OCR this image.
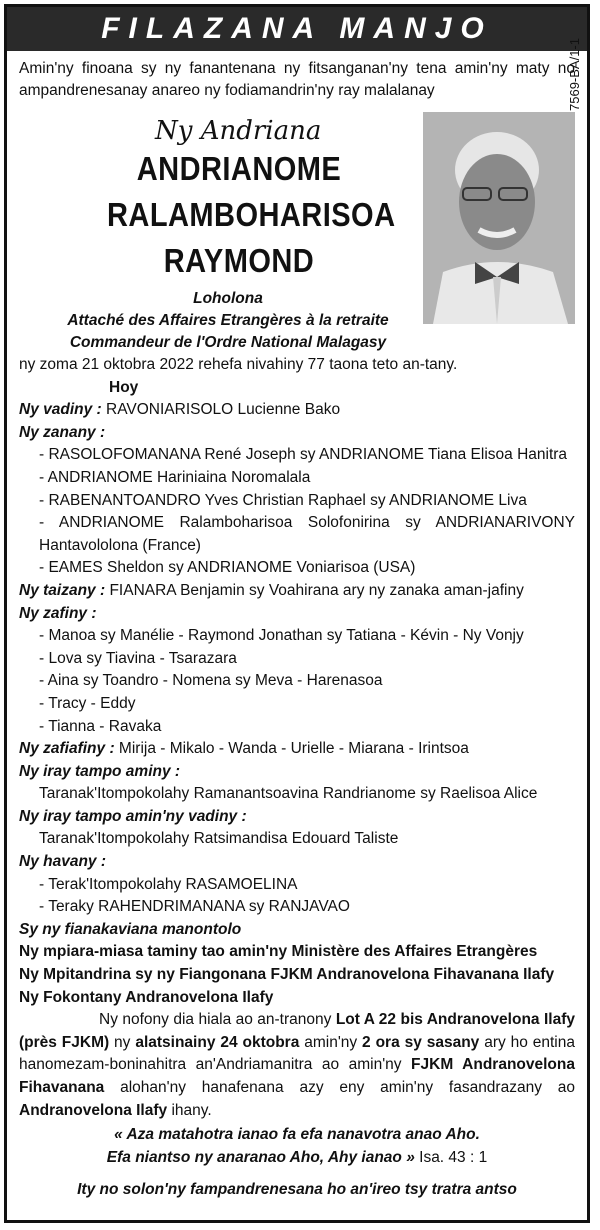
FILAZANA MANJO
Amin'ny finoana sy ny fanantenana ny fitsanganan'ny tena amin'ny maty no ampandrenesanay anareo ny fodiamandrin'ny ray malalanay
Ny Andriana
ANDRIANOME
RALAMBOHARISOA
RAYMOND
Loholona
Attaché des Affaires Etrangères à la retraite
Commandeur de l'Ordre National Malagasy
ny zoma 21 oktobra 2022 rehefa nivahiny 77 taona teto an-tany.
Hoy
Ny vadiny : RAVONIARISOLO Lucienne Bako
Ny zanany :
- RASOLOFOMANANA René Joseph sy ANDRIANOME Tiana Elisoa Hanitra
- ANDRIANOME Hariniaina Noromalala
- RABENANTOANDRO Yves Christian Raphael sy ANDRIANOME Liva
- ANDRIANOME Ralamboharisoa Solofonirina sy ANDRIANARIVONY Hantavololona (France)
- EAMES Sheldon sy ANDRIANOME Voniarisoa (USA)
Ny taizany : FIANARA Benjamin sy Voahirana ary ny zanaka aman-jafiny
Ny zafiny :
- Manoa sy Manélie - Raymond Jonathan sy Tatiana - Kévin - Ny Vonjy
- Lova sy Tiavina - Tsarazara
- Aina sy Toandro - Nomena sy Meva - Harenasoa
- Tracy - Eddy
- Tianna - Ravaka
Ny zafiafiny : Mirija - Mikalo - Wanda - Urielle - Miarana - Irintsoa
Ny iray tampo aminy :
Taranak'Itompokolahy Ramanantsoavina Randrianome sy Raelisoa Alice
Ny iray tampo amin'ny vadiny :
Taranak'Itompokolahy Ratsimandisa Edouard Taliste
Ny havany :
- Terak'Itompokolahy RASAMOELINA
- Teraky RAHENDRIMANANA sy RANJAVAO
Sy ny fianakaviana manontolo
Ny mpiara-miasa taminy tao amin'ny Ministère des Affaires Etrangères
Ny Mpitandrina sy ny Fiangonana FJKM Andranovelona Fihavanana Ilafy
Ny Fokontany Andranovelona Ilafy
Ny nofony dia hiala ao an-tranony Lot A 22 bis Andranovelona Ilafy (près FJKM) ny alatsinainy 24 oktobra amin'ny 2 ora sy sasany ary ho entina hanomezam-boninahitra an'Andriamanitra ao amin'ny FJKM Andranovelona Fihavanana alohan'ny hanafenana azy eny amin'ny fasandrazany ao Andranovelona Ilafy ihany.
« Aza matahotra ianao fa efa nanavotra anao Aho.
Efa niantso ny anaranao Aho, Ahy ianao » Isa. 43 : 1
Ity no solon'ny fampandrenesana ho an'ireo tsy tratra antso
7569-BA/1-1
